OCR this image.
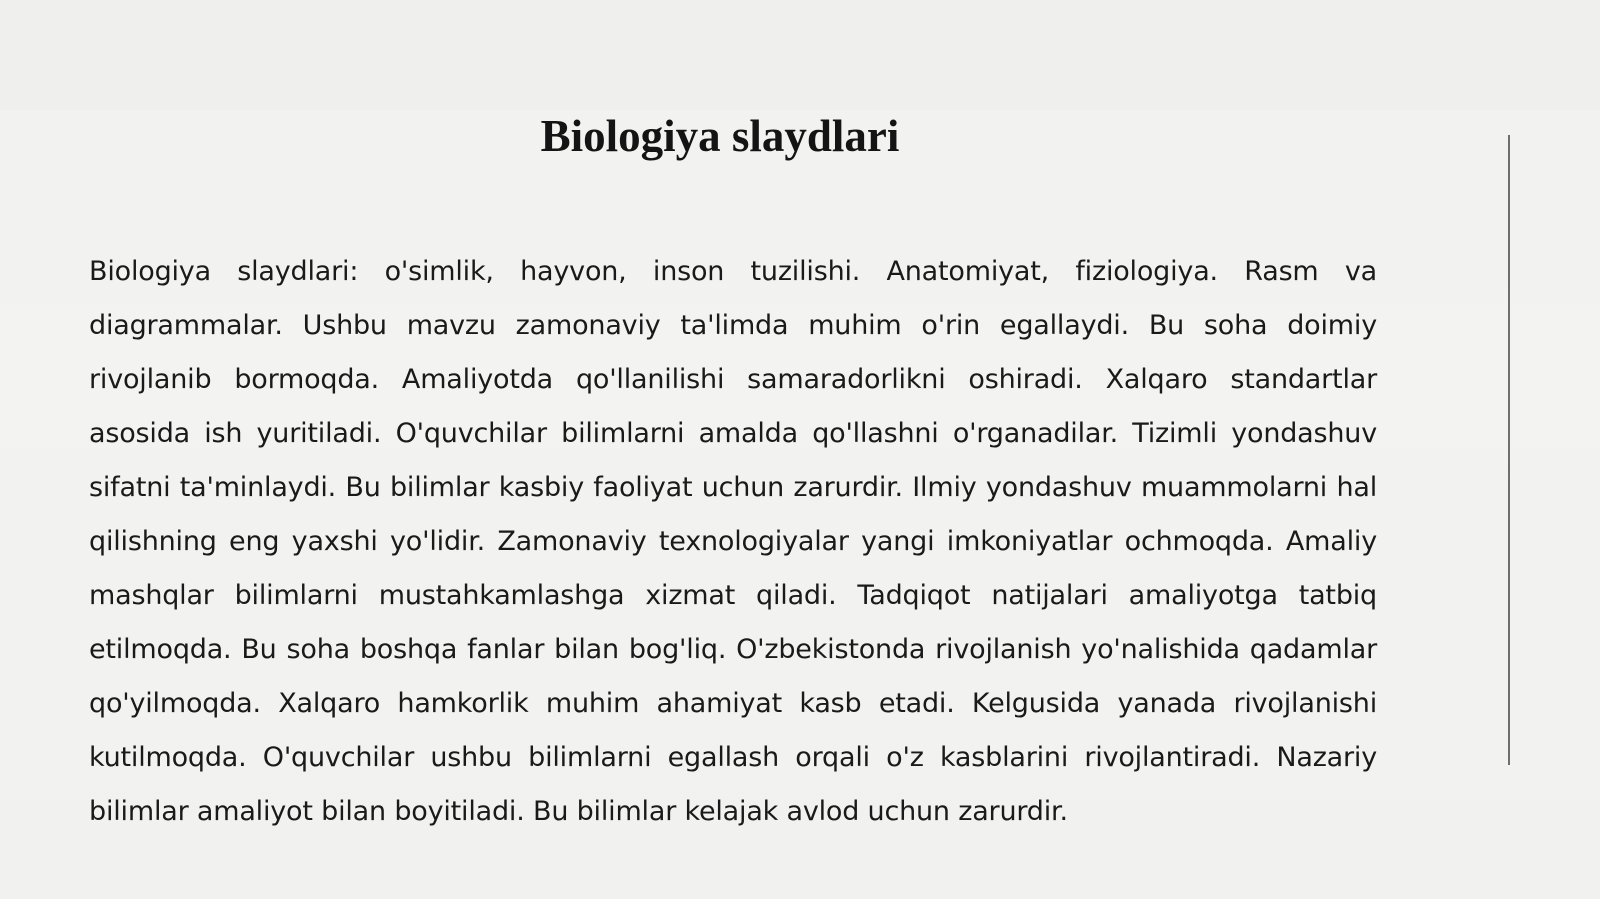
Biologiya slaydlari

Biologiya slaydlari: o'simlik, hayvon, inson tuzilishi. Anatomiyat, fiziologiya. Rasm va diagrammalar. Ushbu mavzu zamonaviy ta'limda muhim o'rin egallaydi. Bu soha doimiy rivojlanib bormoqda. Amaliyotda qo'llanilishi samaradorlikni oshiradi. Xalqaro standartlar asosida ish yuritiladi. O'quvchilar bilimlarni amalda qo'llashni o'rganadilar. Tizimli yondashuv sifatni ta'minlaydi. Bu bilimlar kasbiy faoliyat uchun zarurdir. Ilmiy yondashuv muammolarni hal qilishning eng yaxshi yo'lidir. Zamonaviy texnologiyalar yangi imkoniyatlar ochmoqda. Amaliy mashqlar bilimlarni mustahkamlashga xizmat qiladi. Tadqiqot natijalari amaliyotga tatbiq etilmoqda. Bu soha boshqa fanlar bilan bog'liq. O'zbekistonda rivojlanish yo'nalishida qadamlar qo'yilmoqda. Xalqaro hamkorlik muhim ahamiyat kasb etadi. Kelgusida yanada rivojlanishi kutilmoqda. O'quvchilar ushbu bilimlarni egallash orqali o'z kasblarini rivojlantiradi. Nazariy bilimlar amaliyot bilan boyitiladi. Bu bilimlar kelajak avlod uchun zarurdir.
